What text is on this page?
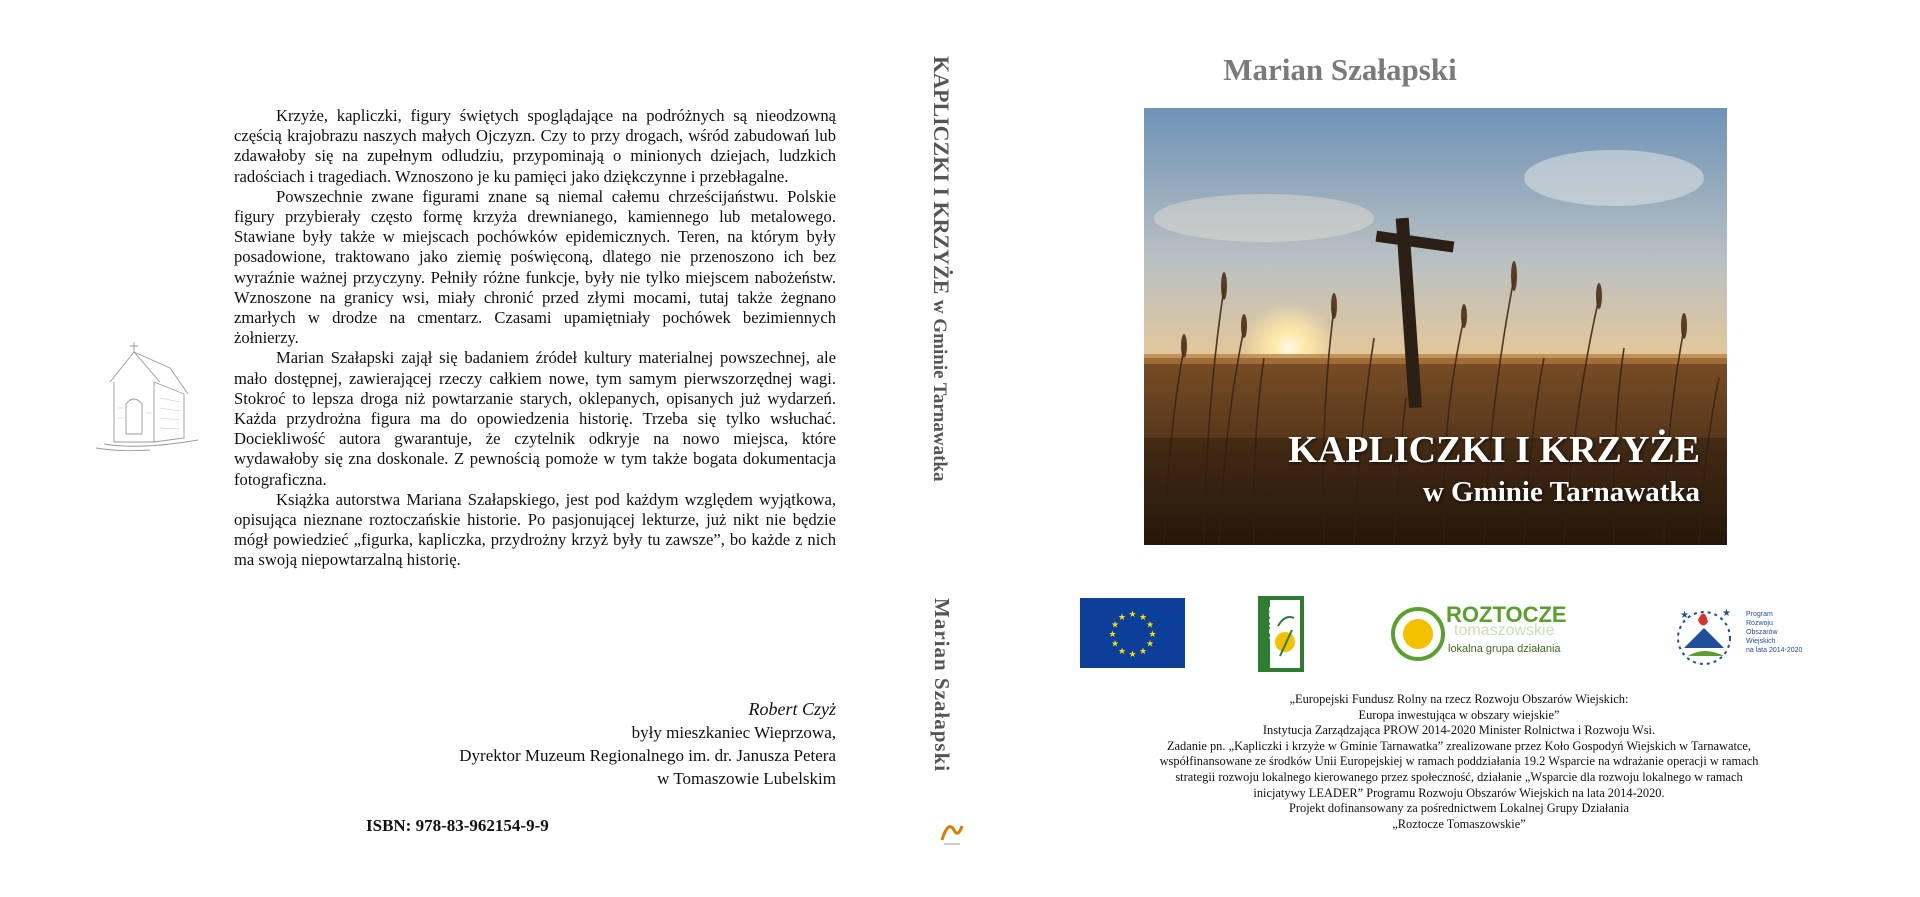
Krzyże, kapliczki, figury świętych spoglądające na podróżnych są nieodzowną częścią krajobrazu naszych małych Ojczyzn. Czy to przy drogach, wśród zabudowań lub zdawałoby się na zupełnym odludziu, przypominają o minionych dziejach, ludzkich radościach i tragediach. Wznoszono je ku pamięci jako dziękczynne i przebłagalne.

Powszechnie zwane figurami znane są niemal całemu chrześcijaństwu. Polskie figury przybierały często formę krzyża drewnianego, kamiennego lub metalowego. Stawiane były także w miejscach pochówków epidemicznych. Teren, na którym były posadowione, traktowano jako ziemię poświęconą, dlatego nie przenoszono ich bez wyraźnie ważnej przyczyny. Pełniły różne funkcje, były nie tylko miejscem nabożeństw. Wznoszone na granicy wsi, miały chronić przed złymi mocami, tutaj także żegnano zmarłych w drodze na cmentarz. Czasami upamiętniały pochówek bezimiennych żołnierzy.

Marian Szałapski zajął się badaniem źródeł kultury materialnej powszechnej, ale mało dostępnej, zawierającej rzeczy całkiem nowe, tym samym pierwszorzędnej wagi. Stokroć to lepsza droga niż powtarzanie starych, oklepanych, opisanych już wydarzeń. Każda przydrożna figura ma do opowiedzenia historię. Trzeba się tylko wsłuchać. Dociekliwość autora gwarantuje, że czytelnik odkryje na nowo miejsca, które wydawałoby się zna doskonale. Z pewnością pomoże w tym także bogata dokumentacja fotograficzna.

Książka autorstwa Mariana Szałapskiego, jest pod każdym względem wyjątkowa, opisująca nieznane roztoczańskie historie. Po pasjonującej lekturze, już nikt nie będzie mógł powiedzieć „figurka, kapliczka, przydrożny krzyż były tu zawsze”, bo każde z nich ma swoją niepowtarzalną historię.

Robert Czyż
były mieszkaniec Wieprzowa,
Dyrektor Muzeum Regionalnego im. dr. Janusza Petera
w Tomaszowie Lubelskim
ISBN: 978-83-962154-9-9
KAPLICZKI I KRZYŻE w Gminie Tarnawatka
Marian Szałapski
Marian Szałapski
KAPLICZKI I KRZYŻE
w Gminie Tarnawatka
★ ★
★
★
★
★
★
★
★
★
★
★	LEADER	ROZTOCZE
tomaszowskie
lokalna grupa działania
★	★ Program
Rozwoju
Obszarów
Wiejskich
na lata 2014-2020
„Europejski Fundusz Rolny na rzecz Rozwoju Obszarów Wiejskich:
Europa inwestująca w obszary wiejskie”
Instytucja Zarządzająca PROW 2014-2020 Minister Rolnictwa i Rozwoju Wsi.
Zadanie pn. „Kapliczki i krzyże w Gminie Tarnawatka” zrealizowane przez Koło Gospodyń Wiejskich w Tarnawatce,
współfinansowane ze środków Unii Europejskiej w ramach poddziałania 19.2 Wsparcie na wdrażanie operacji w ramach
strategii rozwoju lokalnego kierowanego przez społeczność, działanie „Wsparcie dla rozwoju lokalnego w ramach
inicjatywy LEADER” Programu Rozwoju Obszarów Wiejskich na lata 2014-2020.
Projekt dofinansowany za pośrednictwem Lokalnej Grupy Działania
„Roztocze Tomaszowskie”
